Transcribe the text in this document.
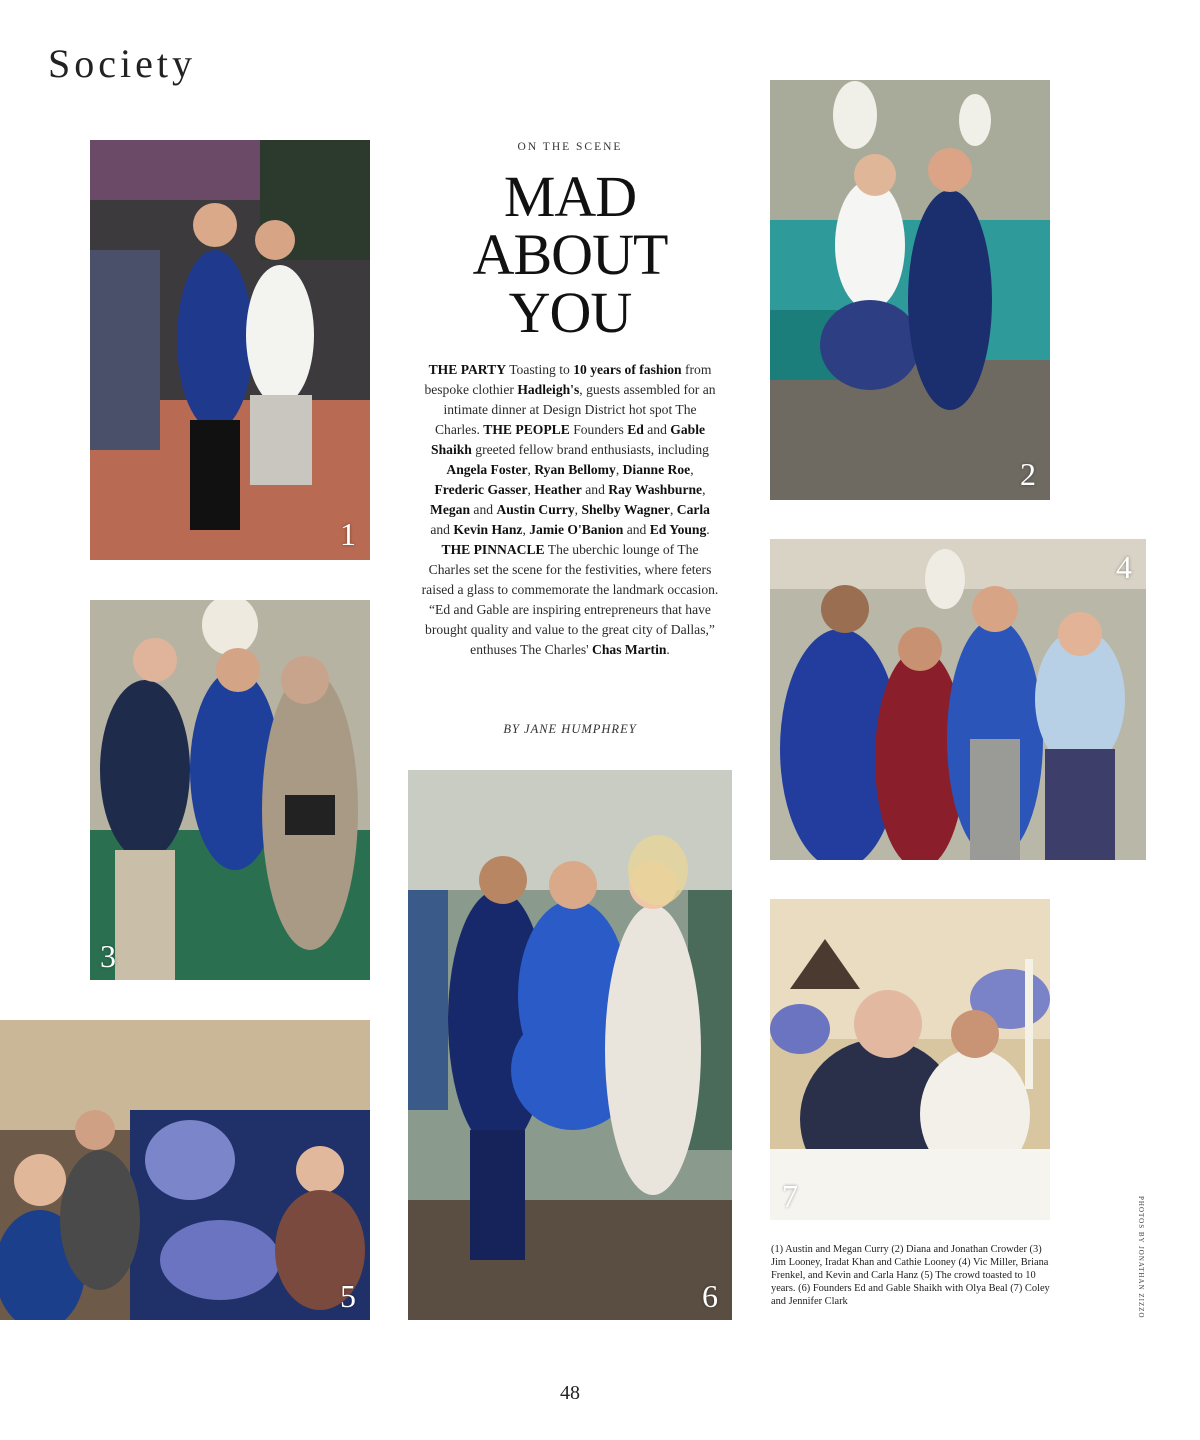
Society
1
3
5
ON THE SCENE
MAD
ABOUT
YOU
THE PARTY Toasting to 10 years of fashion from bespoke clothier Hadleigh's, guests assembled for an intimate dinner at Design District hot spot The Charles. THE PEOPLE Founders Ed and Gable Shaikh greeted fellow brand enthusiasts, including Angela Foster, Ryan Bellomy, Dianne Roe, Frederic Gasser, Heather and Ray Washburne, Megan and Austin Curry, Shelby Wagner, Carla and Kevin Hanz, Jamie O'Banion and Ed Young. THE PINNACLE The uberchic lounge of The Charles set the scene for the festivities, where feters raised a glass to commemorate the landmark occasion. “Ed and Gable are inspiring entrepreneurs that have brought quality and value to the great city of Dallas,” enthuses The Charles' Chas Martin.
BY JANE HUMPHREY
6
2
4
7
(1) Austin and Megan Curry (2) Diana and Jonathan Crowder (3) Jim Looney, Iradat Khan and Cathie Looney (4) Vic Miller, Briana Frenkel, and Kevin and Carla Hanz (5) The crowd toasted to 10 years. (6) Founders Ed and Gable Shaikh with Olya Beal (7) Coley and Jennifer Clark	PHOTOS BY JONATHAN ZIZZO
48
